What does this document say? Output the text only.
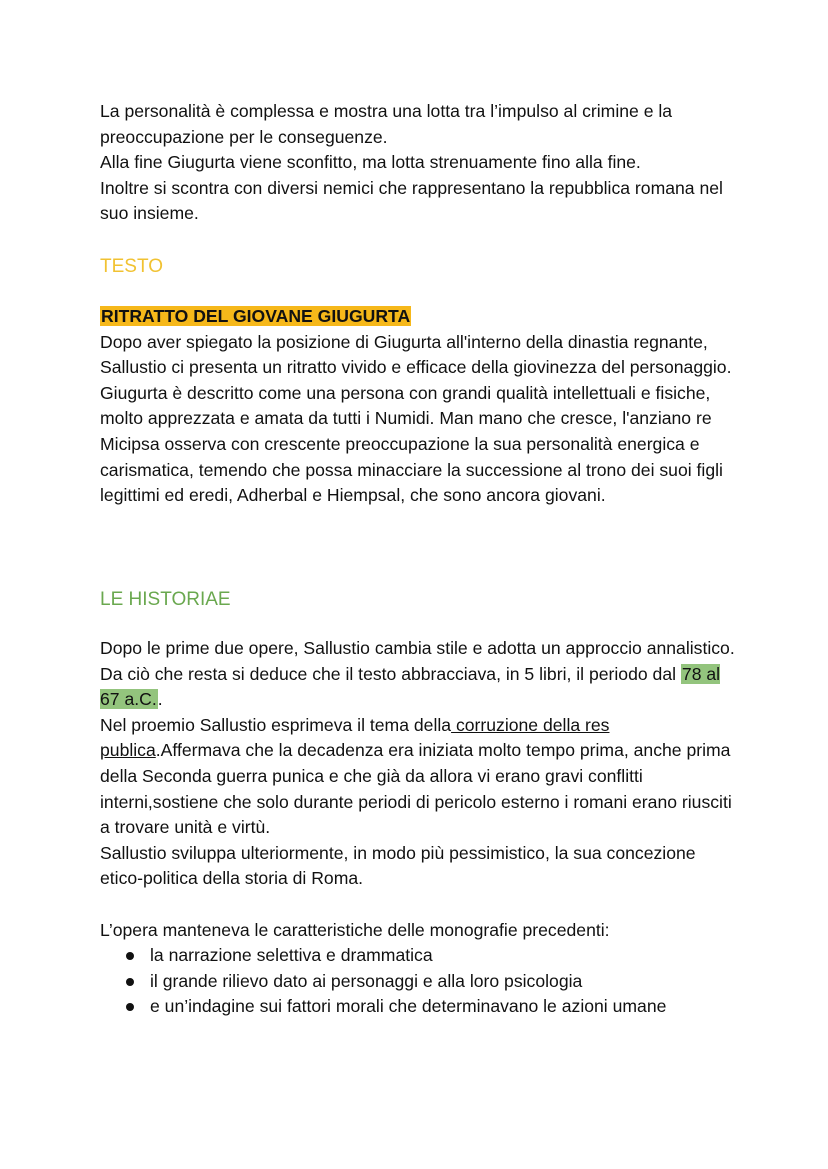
La personalità è complessa e mostra una lotta tra l’impulso al crimine e la preoccupazione per le conseguenze.

Alla fine Giugurta viene sconfitto, ma lotta strenuamente fino alla fine.

Inoltre si scontra con diversi nemici che rappresentano la repubblica romana nel suo insieme.

TESTO

RITRATTO DEL GIOVANE GIUGURTA

Dopo aver spiegato la posizione di Giugurta all'interno della dinastia regnante, Sallustio ci presenta un ritratto vivido e efficace della giovinezza del personaggio. Giugurta è descritto come una persona con grandi qualità intellettuali e fisiche, molto apprezzata e amata da tutti i Numidi. Man mano che cresce, l'anziano re Micipsa osserva con crescente preoccupazione la sua personalità energica e carismatica, temendo che possa minacciare la successione al trono dei suoi figli legittimi ed eredi, Adherbal e Hiempsal, che sono ancora giovani.

LE HISTORIAE

Dopo le prime due opere, Sallustio cambia stile e adotta un approccio annalistico.

Da ciò che resta si deduce che il testo abbracciava, in 5 libri, il periodo dal 78 al 67 a.C..

Nel proemio Sallustio esprimeva il tema della corruzione della res publica.Affermava che la decadenza era iniziata molto tempo prima, anche prima della Seconda guerra punica e che già da allora vi erano gravi conflitti interni,sostiene che solo durante periodi di pericolo esterno i romani erano riusciti a trovare unità e virtù.

Sallustio sviluppa ulteriormente, in modo più pessimistico, la sua concezione etico-politica della storia di Roma.

L’opera manteneva le caratteristiche delle monografie precedenti:

la narrazione selettiva e drammatica
il grande rilievo dato ai personaggi e alla loro psicologia
e un’indagine sui fattori morali che determinavano le azioni umane
